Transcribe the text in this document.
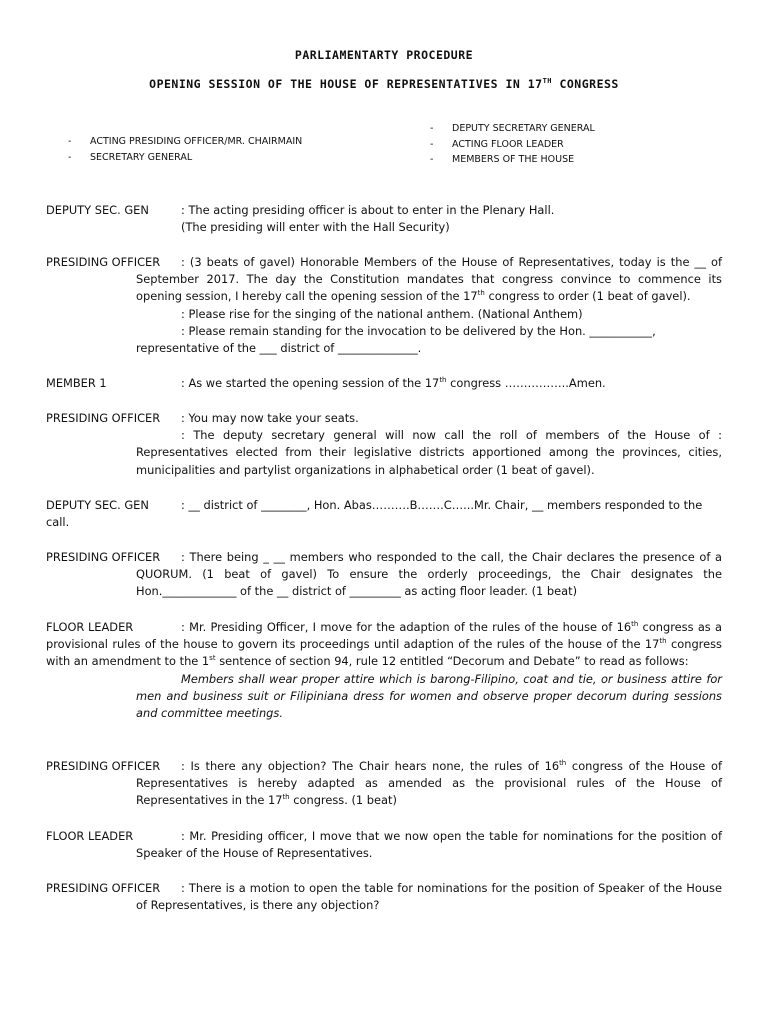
PARLIAMENTARTY PROCEDURE
OPENING SESSION OF THE HOUSE OF REPRESENTATIVES IN 17TH CONGRESS
- ACTING PRESIDING OFFICER/MR. CHAIRMAIN
- SECRETARY GENERAL
- DEPUTY SECRETARY GENERAL
- ACTING FLOOR LEADER
- MEMBERS OF THE HOUSE
DEPUTY SEC. GEN	: The acting presiding officer is about to enter in the Plenary Hall.
(The presiding will enter with the Hall Security)
PRESIDING OFFICER	: (3 beats of gavel) Honorable Members of the House of Representatives, today is the __ of September 2017. The day the Constitution mandates that congress convince to commence its opening session, I hereby call the opening session of the 17th congress to order (1 beat of gavel).
: Please rise for the singing of the national anthem. (National Anthem)
: Please remain standing for the invocation to be delivered by the Hon. ___________,
representative of the ___ district of ______________.
MEMBER 1	: As we started the opening session of the 17th congress ……………..Amen.
PRESIDING OFFICER	: You may now take your seats.
: The deputy secretary general will now call the roll of members of the House of : Representatives elected from their legislative districts apportioned among the provinces, cities, municipalities and partylist organizations in alphabetical order (1 beat of gavel).
DEPUTY SEC. GEN	: __ district of ________, Hon. Abas……….B…….C…...Mr. Chair, __ members responded to the
call.
PRESIDING OFFICER	: There being _ __ members who responded to the call, the Chair declares the presence of a QUORUM. (1 beat of gavel) To ensure the orderly proceedings, the Chair designates the Hon._____________ of the __ district of _________ as acting floor leader. (1 beat)
FLOOR LEADER	: Mr. Presiding Officer, I move for the adaption of the rules of the house of 16th congress as a provisional rules of the house to govern its proceedings until adaption of the rules of the house of the 17th congress with an amendment to the 1st sentence of section 94, rule 12 entitled “Decorum and Debate” to read as follows:
Members shall wear proper attire which is barong-Filipino, coat and tie, or business attire for men and business suit or Filipiniana dress for women and observe proper decorum during sessions and committee meetings.
PRESIDING OFFICER	: Is there any objection? The Chair hears none, the rules of 16th congress of the House of Representatives is hereby adapted as amended as the provisional rules of the House of Representatives in the 17th congress. (1 beat)
FLOOR LEADER	: Mr. Presiding officer, I move that we now open the table for nominations for the position of Speaker of the House of Representatives.
PRESIDING OFFICER	: There is a motion to open the table for nominations for the position of Speaker of the House of Representatives, is there any objection?
